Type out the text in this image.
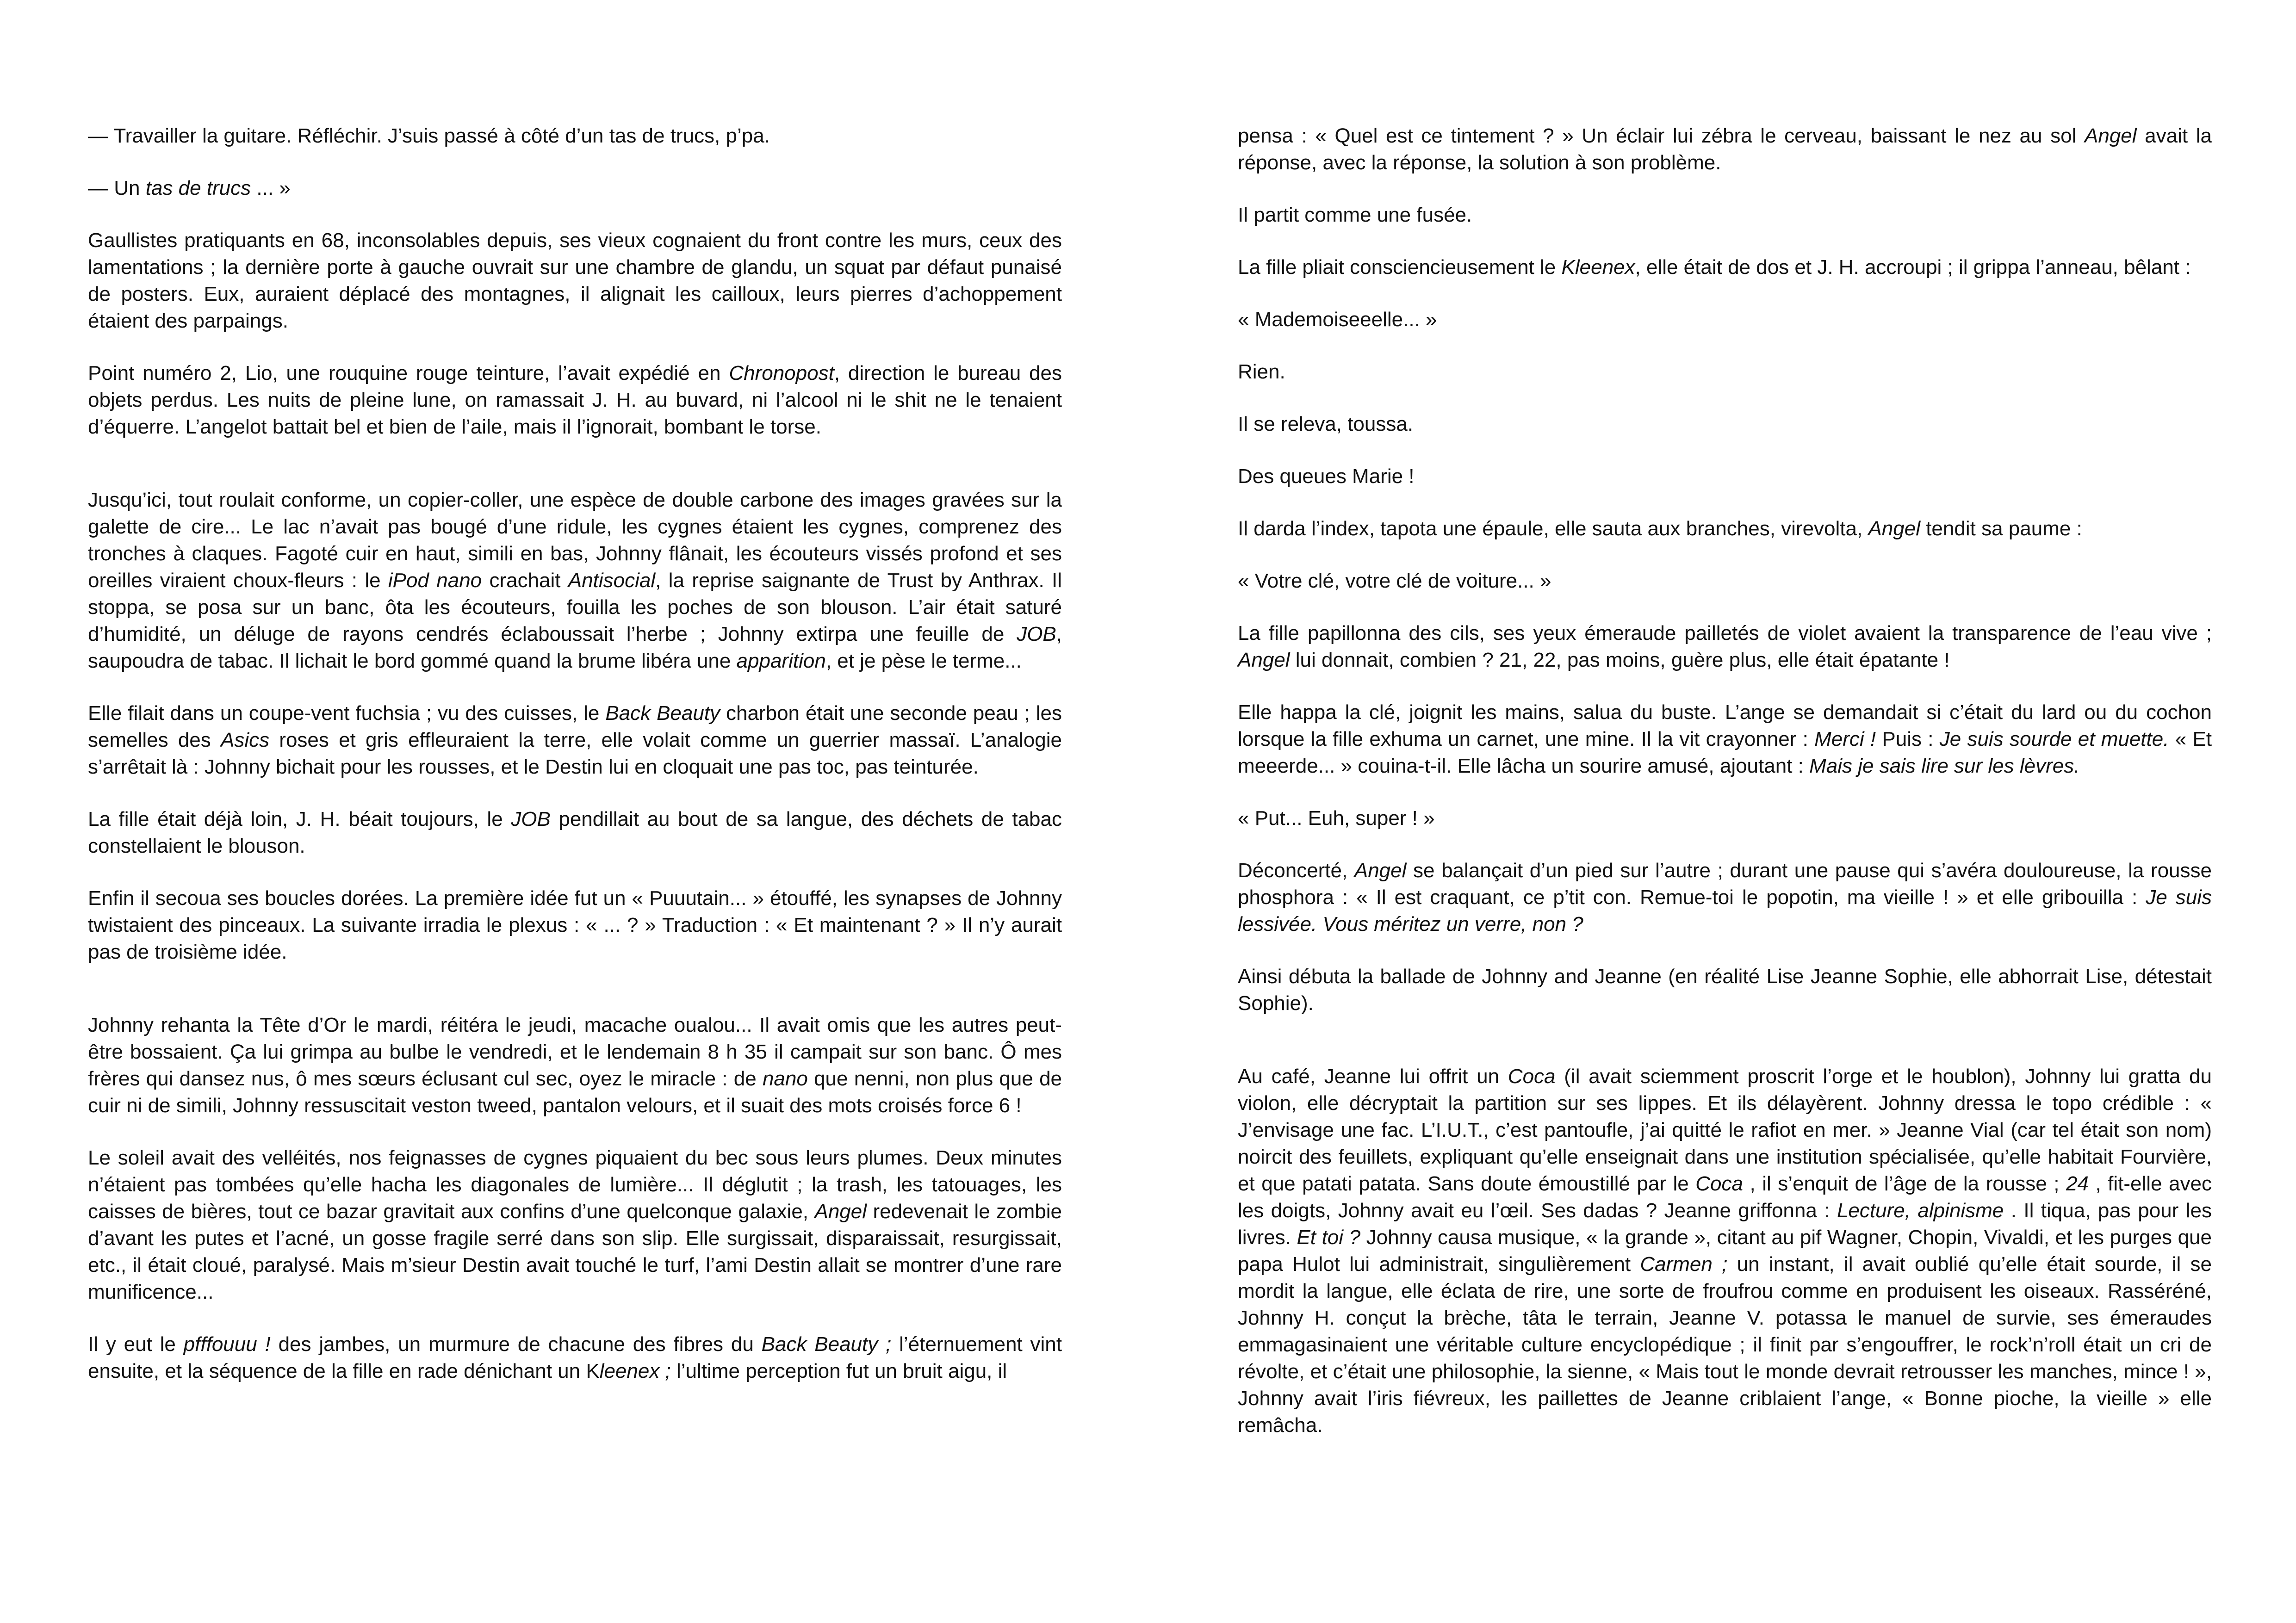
— Travailler la guitare. Réfléchir. J’suis passé à côté d’un tas de trucs, p’pa.

— Un tas de trucs ... »

Gaullistes pratiquants en 68, inconsolables depuis, ses vieux cognaient du front contre les murs, ceux des lamentations ; la dernière porte à gauche ouvrait sur une chambre de glandu, un squat par défaut punaisé de posters. Eux, auraient déplacé des montagnes, il alignait les cailloux, leurs pierres d’achoppement étaient des parpaings.

Point numéro 2, Lio, une rouquine rouge teinture, l’avait expédié en Chronopost, direction le bureau des objets perdus. Les nuits de pleine lune, on ramassait J. H. au buvard, ni l’alcool ni le shit ne le tenaient d’équerre. L’angelot battait bel et bien de l’aile, mais il l’ignorait, bombant le torse.

Jusqu’ici, tout roulait conforme, un copier-coller, une espèce de double carbone des images gravées sur la galette de cire... Le lac n’avait pas bougé d’une ridule, les cygnes étaient les cygnes, comprenez des tronches à claques. Fagoté cuir en haut, simili en bas, Johnny flânait, les écouteurs vissés profond et ses oreilles viraient choux-fleurs : le iPod nano crachait Antisocial, la reprise saignante de Trust by Anthrax. Il stoppa, se posa sur un banc, ôta les écouteurs, fouilla les poches de son blouson. L’air était saturé d’humidité, un déluge de rayons cendrés éclaboussait l’herbe ; Johnny extirpa une feuille de JOB, saupoudra de tabac. Il lichait le bord gommé quand la brume libéra une apparition, et je pèse le terme...

Elle filait dans un coupe-vent fuchsia ; vu des cuisses, le Back Beauty charbon était une seconde peau ; les semelles des Asics roses et gris effleuraient la terre, elle volait comme un guerrier massaï. L’analogie s’arrêtait là : Johnny bichait pour les rousses, et le Destin lui en cloquait une pas toc, pas teinturée.

La fille était déjà loin, J. H. béait toujours, le JOB pendillait au bout de sa langue, des déchets de tabac constellaient le blouson.

Enfin il secoua ses boucles dorées. La première idée fut un « Puuutain... » étouffé, les synapses de Johnny twistaient des pinceaux. La suivante irradia le plexus : « ... ? » Traduction : « Et maintenant ? » Il n’y aurait pas de troisième idée.

Johnny rehanta la Tête d’Or le mardi, réitéra le jeudi, macache oualou... Il avait omis que les autres peut-être bossaient. Ça lui grimpa au bulbe le vendredi, et le lendemain 8 h 35 il campait sur son banc. Ô mes frères qui dansez nus, ô mes sœurs éclusant cul sec, oyez le miracle : de nano que nenni, non plus que de cuir ni de simili, Johnny ressuscitait veston tweed, pantalon velours, et il suait des mots croisés force 6 !

Le soleil avait des velléités, nos feignasses de cygnes piquaient du bec sous leurs plumes. Deux minutes n’étaient pas tombées qu’elle hacha les diagonales de lumière... Il déglutit ; la trash, les tatouages, les caisses de bières, tout ce bazar gravitait aux confins d’une quelconque galaxie, Angel redevenait le zombie d’avant les putes et l’acné, un gosse fragile serré dans son slip. Elle surgissait, disparaissait, resurgissait, etc., il était cloué, paralysé. Mais m’sieur Destin avait touché le turf, l’ami Destin allait se montrer d’une rare munificence...

Il y eut le pfffouuu ! des jambes, un murmure de chacune des fibres du Back Beauty ; l’éternuement vint ensuite, et la séquence de la fille en rade dénichant un Kleenex ; l’ultime perception fut un bruit aigu, il

pensa : « Quel est ce tintement ? » Un éclair lui zébra le cerveau, baissant le nez au sol Angel avait la réponse, avec la réponse, la solution à son problème.

Il partit comme une fusée.

La fille pliait consciencieusement le Kleenex, elle était de dos et J. H. accroupi ; il grippa l’anneau, bêlant :

« Mademoiseeelle... »

Rien.

Il se releva, toussa.

Des queues Marie !

Il darda l’index, tapota une épaule, elle sauta aux branches, virevolta, Angel tendit sa paume :

« Votre clé, votre clé de voiture... »

La fille papillonna des cils, ses yeux émeraude pailletés de violet avaient la transparence de l’eau vive ; Angel lui donnait, combien ? 21, 22, pas moins, guère plus, elle était épatante !

Elle happa la clé, joignit les mains, salua du buste. L’ange se demandait si c’était du lard ou du cochon lorsque la fille exhuma un carnet, une mine. Il la vit crayonner : Merci ! Puis : Je suis sourde et muette. « Et meeerde... » couina-t-il. Elle lâcha un sourire amusé, ajoutant : Mais je sais lire sur les lèvres.

« Put... Euh, super ! »

Déconcerté, Angel se balançait d’un pied sur l’autre ; durant une pause qui s’avéra douloureuse, la rousse phosphora : « Il est craquant, ce p’tit con. Remue-toi le popotin, ma vieille ! » et elle gribouilla : Je suis lessivée. Vous méritez un verre, non ?

Ainsi débuta la ballade de Johnny and Jeanne (en réalité Lise Jeanne Sophie, elle abhorrait Lise, détestait Sophie).

Au café, Jeanne lui offrit un Coca (il avait sciemment proscrit l’orge et le houblon), Johnny lui gratta du violon, elle décryptait la partition sur ses lippes. Et ils délayèrent. Johnny dressa le topo crédible : « J’envisage une fac. L’I.U.T., c’est pantoufle, j’ai quitté le rafiot en mer. » Jeanne Vial (car tel était son nom) noircit des feuillets, expliquant qu’elle enseignait dans une institution spécialisée, qu’elle habitait Fourvière, et que patati patata. Sans doute émoustillé par le Coca , il s’enquit de l’âge de la rousse ; 24 , fit-elle avec les doigts, Johnny avait eu l’œil. Ses dadas ? Jeanne griffonna : Lecture, alpinisme . Il tiqua, pas pour les livres. Et toi ? Johnny causa musique, « la grande », citant au pif Wagner, Chopin, Vivaldi, et les purges que papa Hulot lui administrait, singulièrement Carmen ; un instant, il avait oublié qu’elle était sourde, il se mordit la langue, elle éclata de rire, une sorte de froufrou comme en produisent les oiseaux. Rasséréné, Johnny H. conçut la brèche, tâta le terrain, Jeanne V. potassa le manuel de survie, ses émeraudes emmagasinaient une véritable culture encyclopédique ; il finit par s’engouffrer, le rock’n’roll était un cri de révolte, et c’était une philosophie, la sienne, « Mais tout le monde devrait retrousser les manches, mince ! », Johnny avait l’iris fiévreux, les paillettes de Jeanne criblaient l’ange, « Bonne pioche, la vieille » elle remâcha.
